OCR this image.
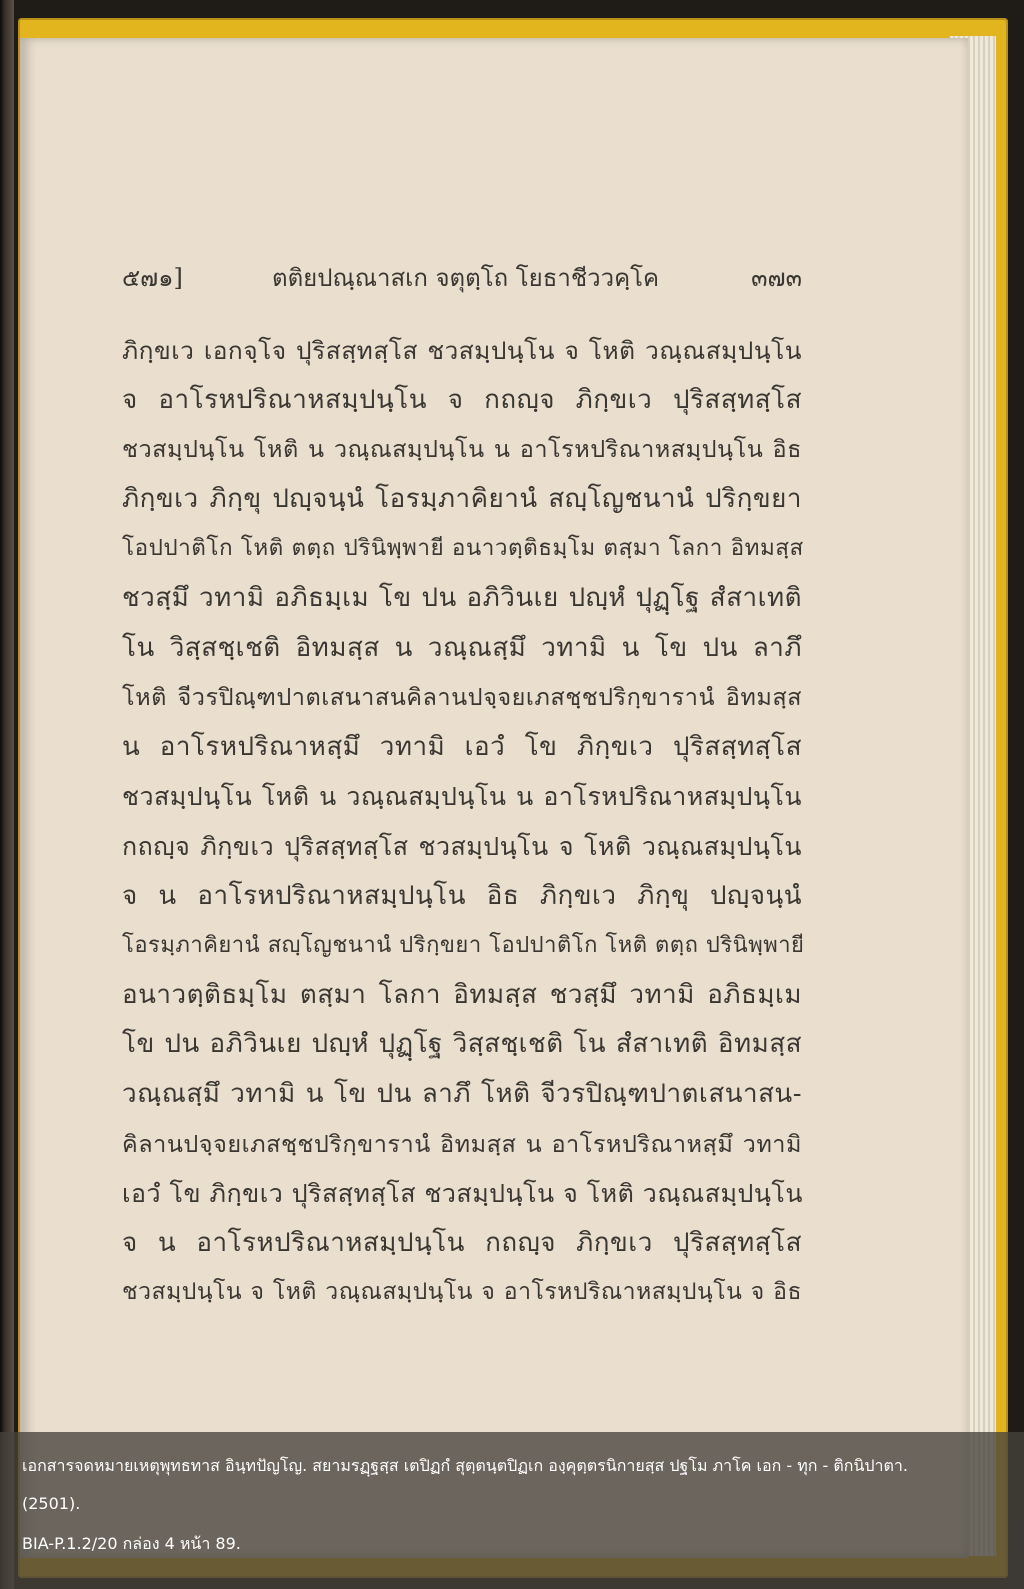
๕๗๑]	ตติยปณฺณาสเก จตุตฺโถ โยธาชีววคฺโค	๓๗๓
ภิกฺขเว เอกจฺโจ ปุริสสฺทสฺโส ชวสมฺปนฺโน จ โหติ วณฺณสมฺปนฺโน
จ อาโรหปริณาหสมฺปนฺโน จ กถญฺจ ภิกฺขเว ปุริสสฺทสฺโส
ชวสมฺปนฺโน โหติ น วณฺณสมฺปนฺโน น อาโรหปริณาหสมฺปนฺโน อิธ
ภิกฺขเว ภิกฺขุ ปญฺจนฺนํ โอรมฺภาคิยานํ สญฺโญชนานํ ปริกฺขยา
โอปปาติโก โหติ ตตฺถ ปรินิพฺพายี อนาวตฺติธมฺโม ตสฺมา โลกา อิทมสฺส
ชวสฺมึ วทามิ อภิธมฺเม โข ปน อภิวินเย ปญฺหํ ปุฏฺโฐ สํสาเทติ
โน วิสฺสชฺเชติ อิทมสฺส น วณฺณสฺมึ วทามิ น โข ปน ลาภึ
โหติ จีวรปิณฺฑปาตเสนาสนคิลานปจฺจยเภสชฺชปริกฺขารานํ อิทมสฺส
น อาโรหปริณาหสฺมึ วทามิ เอวํ โข ภิกฺขเว ปุริสสฺทสฺโส
ชวสมฺปนฺโน โหติ น วณฺณสมฺปนฺโน น อาโรหปริณาหสมฺปนฺโน
กถญฺจ ภิกฺขเว ปุริสสฺทสฺโส ชวสมฺปนฺโน จ โหติ วณฺณสมฺปนฺโน
จ น อาโรหปริณาหสมฺปนฺโน อิธ ภิกฺขเว ภิกฺขุ ปญฺจนฺนํ
โอรมฺภาคิยานํ สญฺโญชนานํ ปริกฺขยา โอปปาติโก โหติ ตตฺถ ปรินิพฺพายี
อนาวตฺติธมฺโม ตสฺมา โลกา อิทมสฺส ชวสฺมึ วทามิ อภิธมฺเม
โข ปน อภิวินเย ปญฺหํ ปุฏฺโฐ วิสฺสชฺเชติ โน สํสาเทติ อิทมสฺส
วณฺณสฺมึ วทามิ น โข ปน ลาภึ โหติ จีวรปิณฺฑปาตเสนาสน-
คิลานปจฺจยเภสชฺชปริกฺขารานํ อิทมสฺส น อาโรหปริณาหสฺมึ วทามิ
เอวํ โข ภิกฺขเว ปุริสสฺทสฺโส ชวสมฺปนฺโน จ โหติ วณฺณสมฺปนฺโน
จ น อาโรหปริณาหสมฺปนฺโน กถญฺจ ภิกฺขเว ปุริสสฺทสฺโส
ชวสมฺปนฺโน จ โหติ วณฺณสมฺปนฺโน จ อาโรหปริณาหสมฺปนฺโน จ อิธ
เอกสารจดหมายเหตุพุทธทาส อินฺทปัญโญ. สยามรฏฺฐสฺส เตปิฏกํ สุตฺตนฺตปิฏเก องฺคุตฺตรนิกายสฺส ปฐโม ภาโค เอก - ทุก - ติกนิปาตา.
(2501).
BIA-P.1.2/20 กล่อง 4 หน้า 89.
